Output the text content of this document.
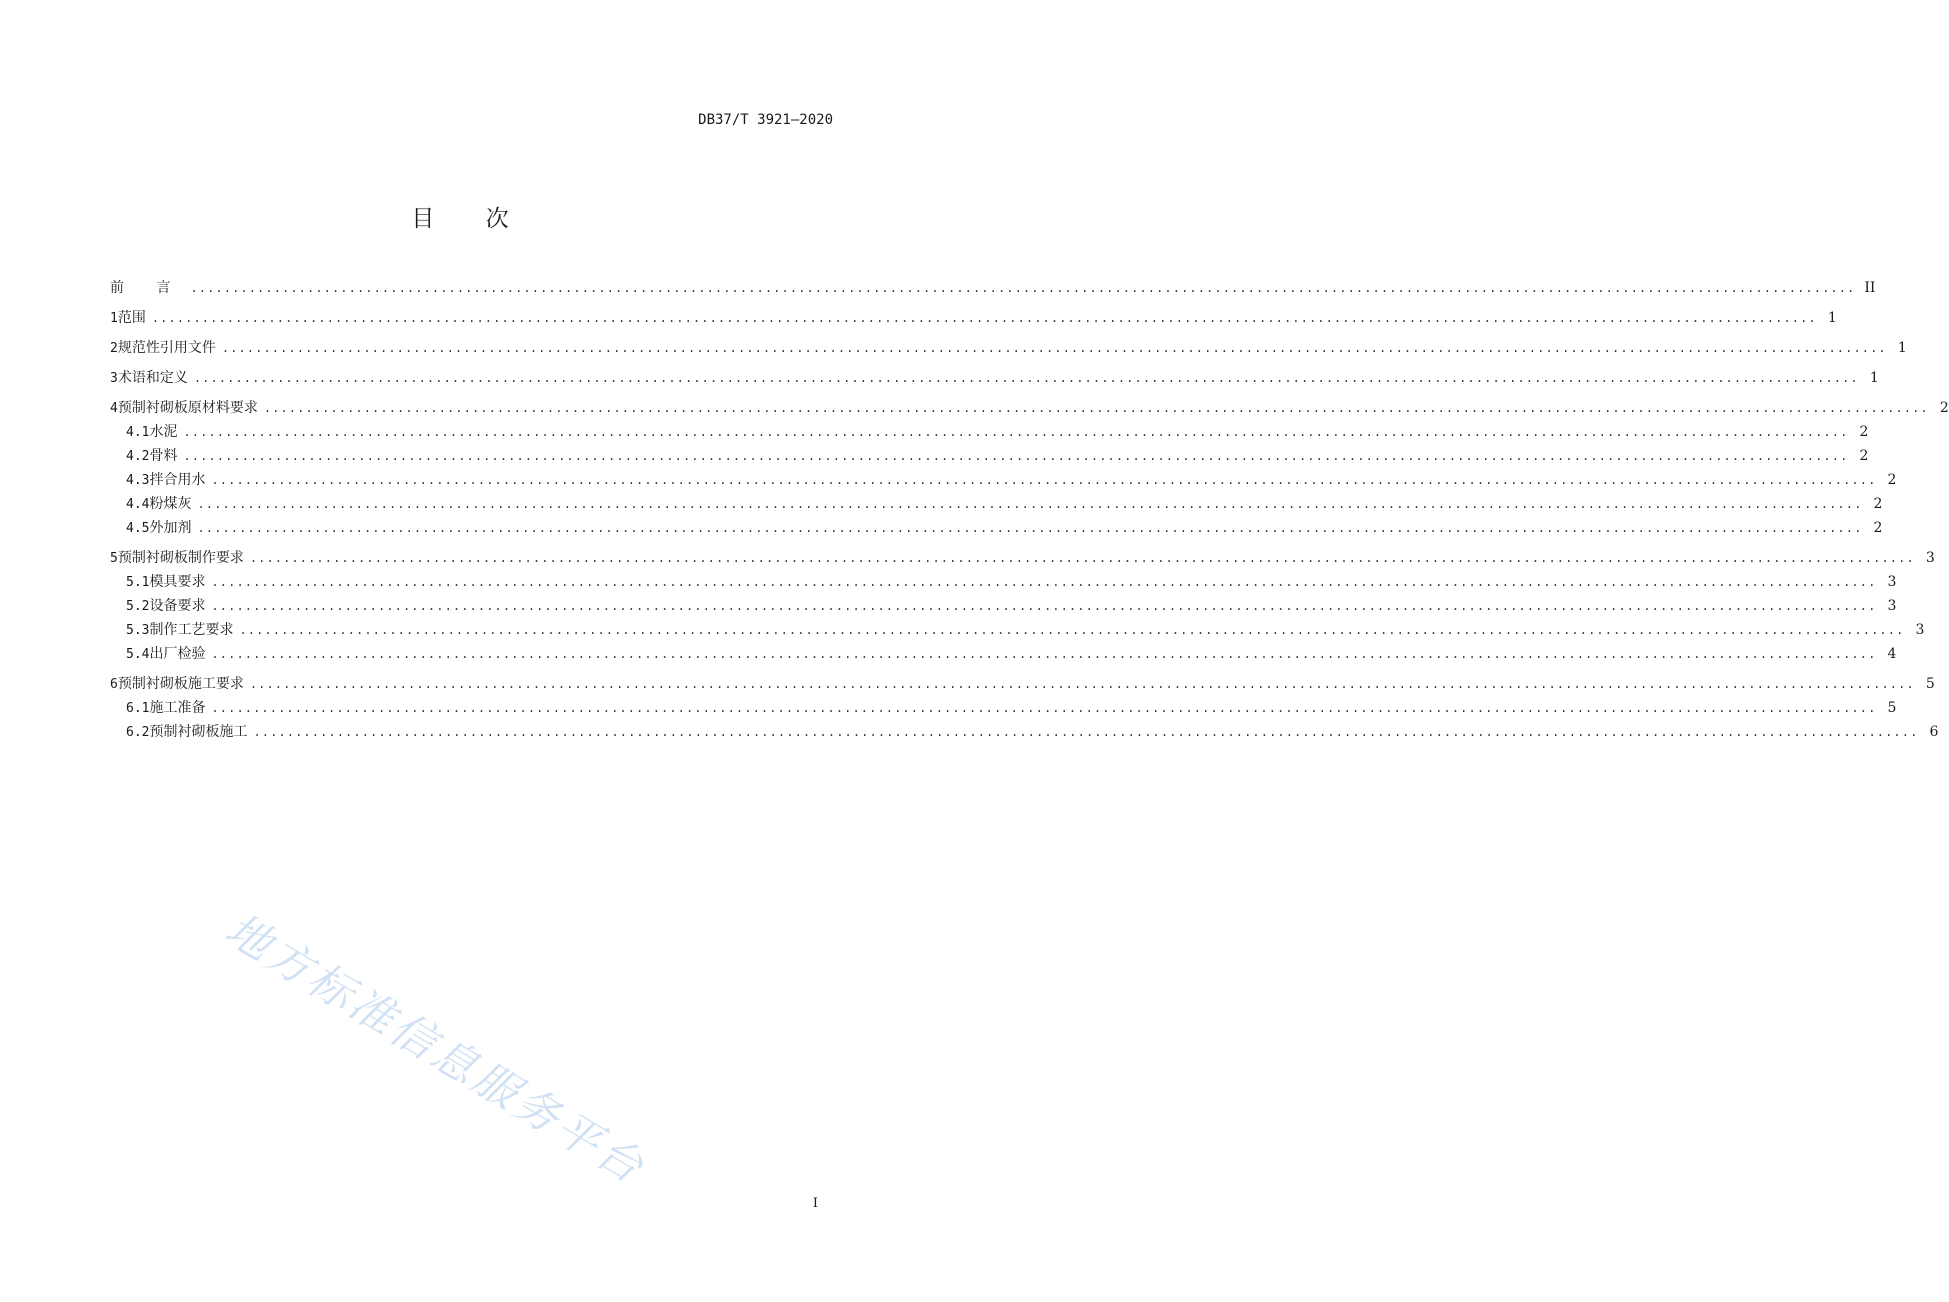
DB37/T 3921—2020
目 次
前 言 ........................................................................................................................................................................................................ II
1 范围 ........................................................................................................................................................................................................ 1
2 规范性引用文件 ........................................................................................................................................................................................................ 1
3 术语和定义 ........................................................................................................................................................................................................ 1
4 预制衬砌板原材料要求 ........................................................................................................................................................................................................ 2
4.1 水泥 ........................................................................................................................................................................................................ 2
4.2 骨料 ........................................................................................................................................................................................................ 2
4.3 拌合用水 ........................................................................................................................................................................................................ 2
4.4 粉煤灰 ........................................................................................................................................................................................................ 2
4.5 外加剂 ........................................................................................................................................................................................................ 2
5 预制衬砌板制作要求 ........................................................................................................................................................................................................ 3
5.1 模具要求 ........................................................................................................................................................................................................ 3
5.2 设备要求 ........................................................................................................................................................................................................ 3
5.3 制作工艺要求 ........................................................................................................................................................................................................ 3
5.4 出厂检验 ........................................................................................................................................................................................................ 4
6 预制衬砌板施工要求 ........................................................................................................................................................................................................ 5
6.1 施工准备 ........................................................................................................................................................................................................ 5
6.2 预制衬砌板施工 ........................................................................................................................................................................................................ 6
地方标准信息服务平台
I
